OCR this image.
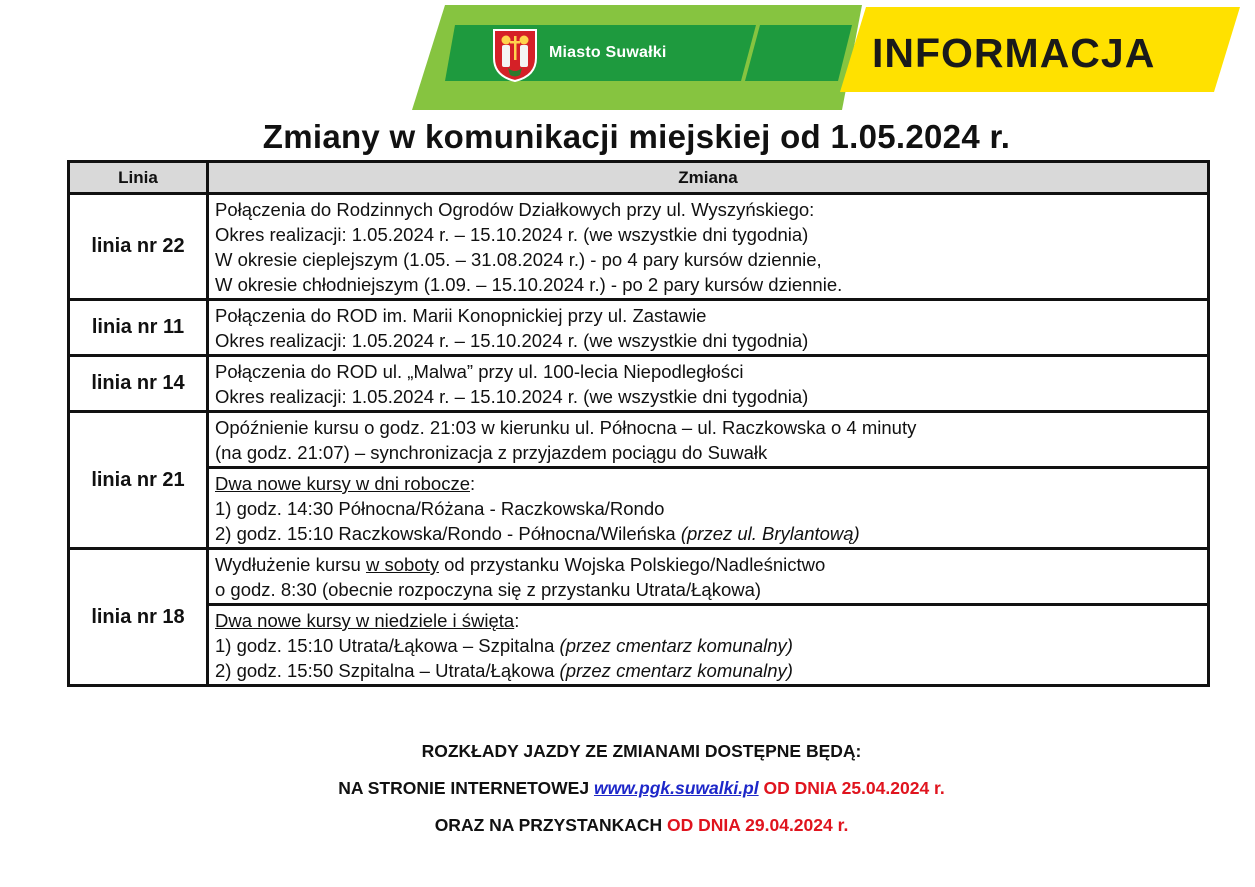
Miasto Suwałki	INFORMACJA
Zmiany w komunikacji miejskiej od 1.05.2024 r.
Linia	Zmiana
linia nr 22	Połączenia do Rodzinnych Ogrodów Działkowych przy ul. Wyszyńskiego:
Okres realizacji: 1.05.2024 r. – 15.10.2024 r. (we wszystkie dni tygodnia)
W okresie cieplejszym (1.05. – 31.08.2024 r.) - po 4 pary kursów dziennie,
W okresie chłodniejszym (1.09. – 15.10.2024 r.) - po 2 pary kursów dziennie.

linia nr 11	Połączenia do ROD im. Marii Konopnickiej przy ul. Zastawie
Okres realizacji: 1.05.2024 r. – 15.10.2024 r. (we wszystkie dni tygodnia)

linia nr 14	Połączenia do ROD ul. „Malwa” przy ul. 100-lecia Niepodległości
Okres realizacji: 1.05.2024 r. – 15.10.2024 r. (we wszystkie dni tygodnia)

linia nr 21	Opóźnienie kursu o godz. 21:03 w kierunku ul. Północna – ul. Raczkowska o 4 minuty
(na godz. 21:07) – synchronizacja z przyjazdem pociągu do Suwałk

	Dwa nowe kursy w dni robocze:
1) godz. 14:30 Północna/Różana - Raczkowska/Rondo
2) godz. 15:10 Raczkowska/Rondo - Północna/Wileńska (przez ul. Brylantową)

linia nr 18	Wydłużenie kursu w soboty od przystanku Wojska Polskiego/Nadleśnictwo
o godz. 8:30 (obecnie rozpoczyna się z przystanku Utrata/Łąkowa)

	Dwa nowe kursy w niedziele i święta:
1) godz. 15:10 Utrata/Łąkowa – Szpitalna (przez cmentarz komunalny)
2) godz. 15:50 Szpitalna – Utrata/Łąkowa (przez cmentarz komunalny)
ROZKŁADY JAZDY ZE ZMIANAMI DOSTĘPNE BĘDĄ:
NA STRONIE INTERNETOWEJ www.pgk.suwalki.pl OD DNIA 25.04.2024 r.
ORAZ NA PRZYSTANKACH OD DNIA 29.04.2024 r.
